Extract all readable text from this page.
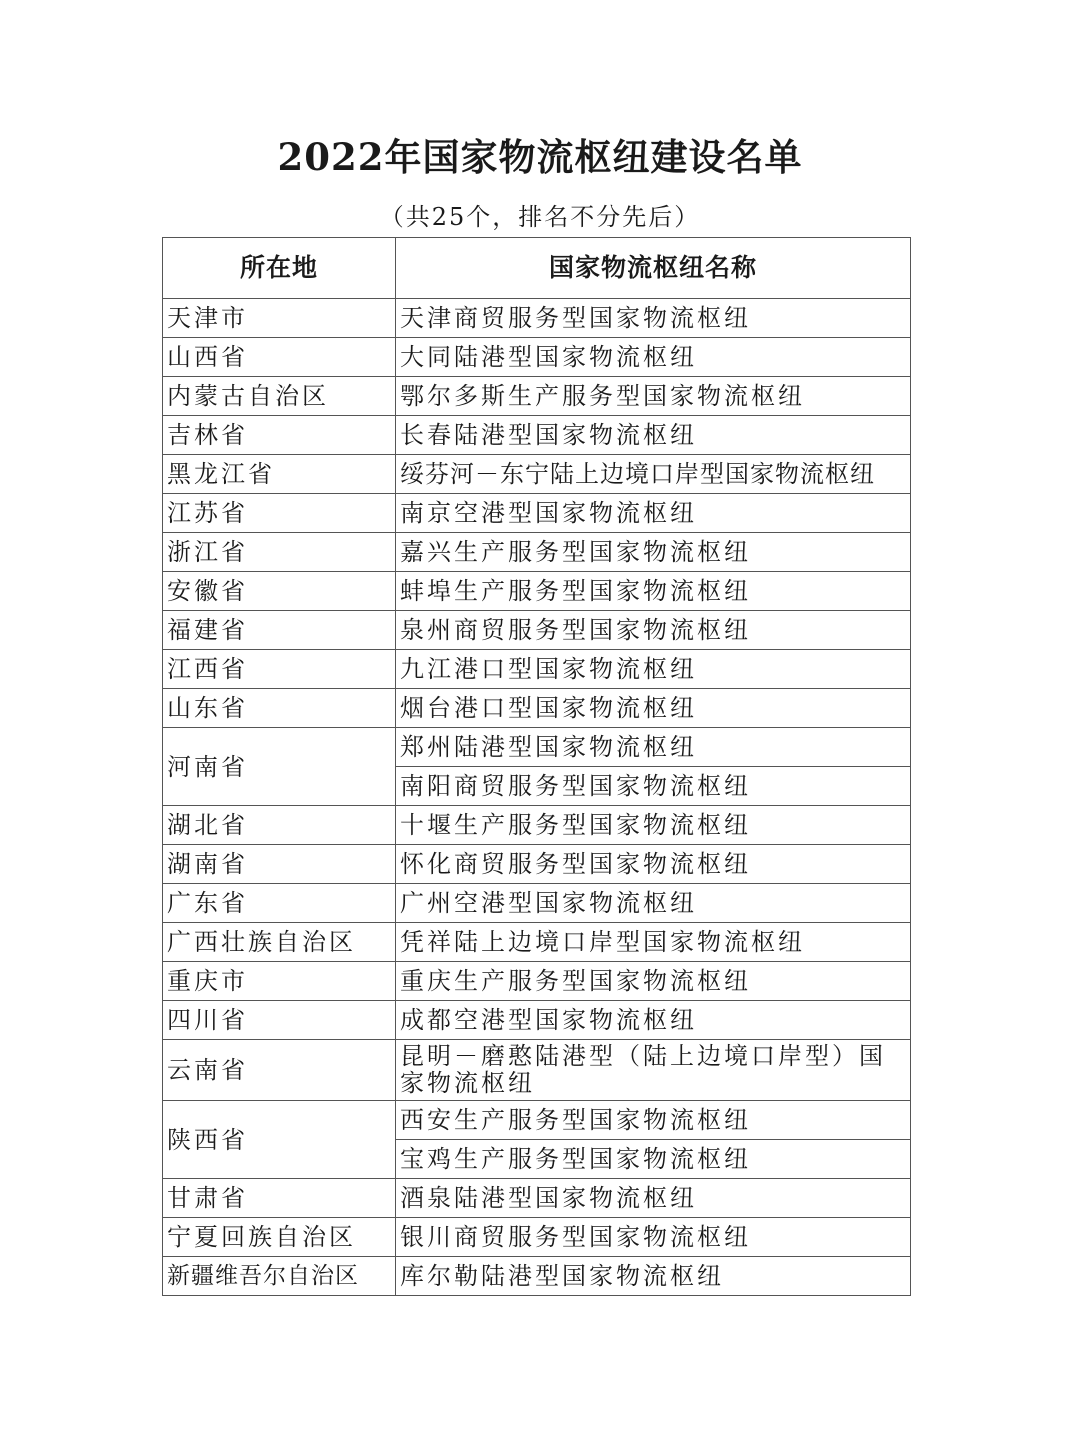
2022年国家物流枢纽建设名单
（共25个，排名不分先后）
所在地	国家物流枢纽名称
天津市	天津商贸服务型国家物流枢纽
山西省	大同陆港型国家物流枢纽
内蒙古自治区	鄂尔多斯生产服务型国家物流枢纽
吉林省	长春陆港型国家物流枢纽
黑龙江省	绥芬河－东宁陆上边境口岸型国家物流枢纽
江苏省	南京空港型国家物流枢纽
浙江省	嘉兴生产服务型国家物流枢纽
安徽省	蚌埠生产服务型国家物流枢纽
福建省	泉州商贸服务型国家物流枢纽
江西省	九江港口型国家物流枢纽
山东省	烟台港口型国家物流枢纽
河南省	郑州陆港型国家物流枢纽
	南阳商贸服务型国家物流枢纽
湖北省	十堰生产服务型国家物流枢纽
湖南省	怀化商贸服务型国家物流枢纽
广东省	广州空港型国家物流枢纽
广西壮族自治区	凭祥陆上边境口岸型国家物流枢纽
重庆市	重庆生产服务型国家物流枢纽
四川省	成都空港型国家物流枢纽
云南省	昆明－磨憨陆港型（陆上边境口岸型）国家物流枢纽
陕西省	西安生产服务型国家物流枢纽
	宝鸡生产服务型国家物流枢纽
甘肃省	酒泉陆港型国家物流枢纽
宁夏回族自治区	银川商贸服务型国家物流枢纽
新疆维吾尔自治区	库尔勒陆港型国家物流枢纽
